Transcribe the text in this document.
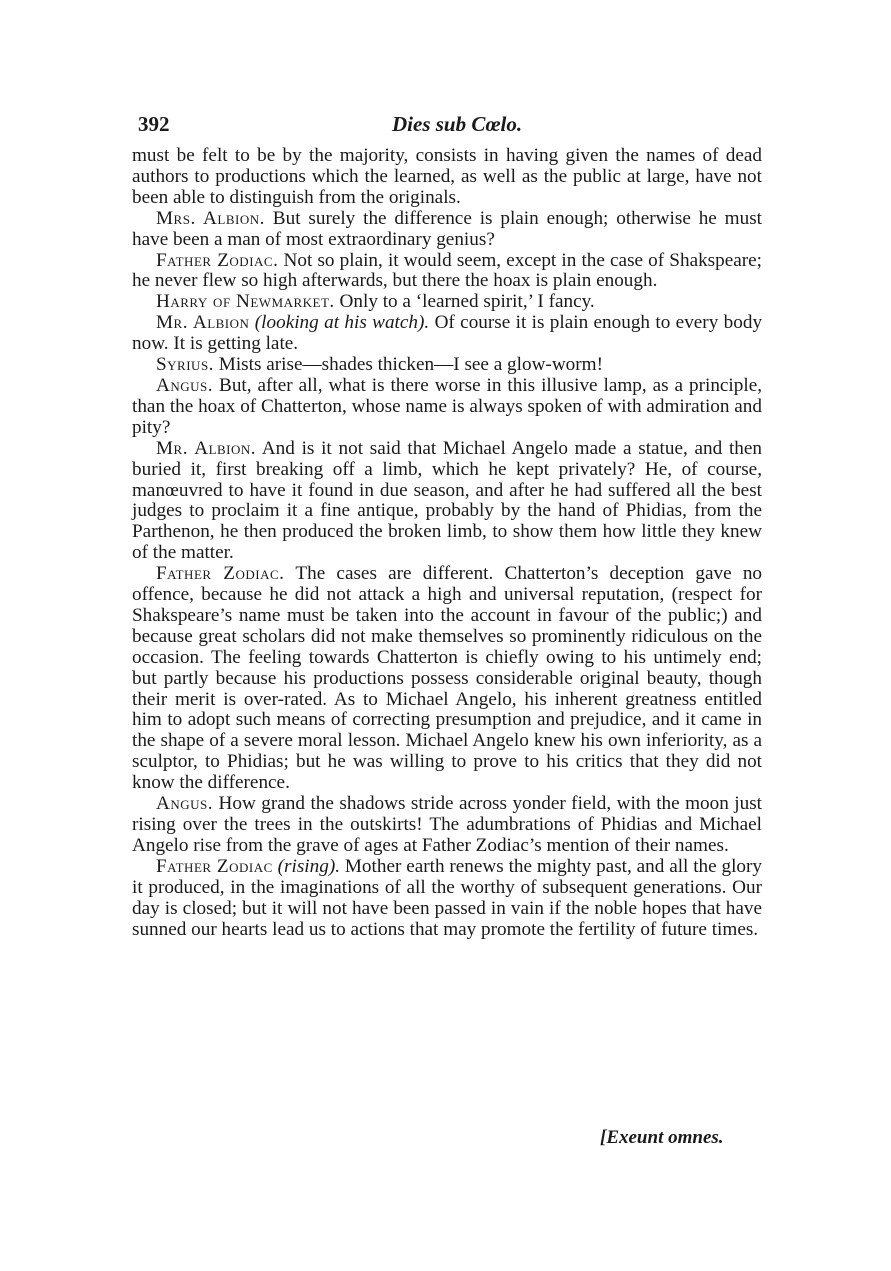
392	Dies sub Cœlo.

must be felt to be by the majority, consists in having given the names of dead authors to productions which the learned, as well as the public at large, have not been able to distinguish from the originals.

Mrs. Albion. But surely the difference is plain enough; otherwise he must have been a man of most extraordinary genius?

Father Zodiac. Not so plain, it would seem, except in the case of Shakspeare; he never flew so high afterwards, but there the hoax is plain enough.

Harry of Newmarket. Only to a ‘learned spirit,’ I fancy.

Mr. Albion (looking at his watch). Of course it is plain enough to every body now. It is getting late.

Syrius. Mists arise—shades thicken—I see a glow-worm!

Angus. But, after all, what is there worse in this illusive lamp, as a principle, than the hoax of Chatterton, whose name is always spoken of with admiration and pity?

Mr. Albion. And is it not said that Michael Angelo made a statue, and then buried it, first breaking off a limb, which he kept privately? He, of course, manœuvred to have it found in due season, and after he had suffered all the best judges to proclaim it a fine antique, probably by the hand of Phidias, from the Parthenon, he then produced the broken limb, to show them how little they knew of the matter.

Father Zodiac. The cases are different. Chatterton’s deception gave no offence, because he did not attack a high and universal reputation, (respect for Shakspeare’s name must be taken into the account in favour of the public;) and because great scholars did not make themselves so prominently ridiculous on the occasion. The feeling towards Chatterton is chiefly owing to his untimely end; but partly because his productions possess considerable original beauty, though their merit is over-rated. As to Michael Angelo, his inherent greatness entitled him to adopt such means of correcting presumption and prejudice, and it came in the shape of a severe moral lesson. Michael Angelo knew his own inferiority, as a sculptor, to Phidias; but he was willing to prove to his critics that they did not know the difference.

Angus. How grand the shadows stride across yonder field, with the moon just rising over the trees in the outskirts! The adumbrations of Phidias and Michael Angelo rise from the grave of ages at Father Zodiac’s mention of their names.

Father Zodiac (rising). Mother earth renews the mighty past, and all the glory it produced, in the imaginations of all the worthy of subsequent generations. Our day is closed; but it will not have been passed in vain if the noble hopes that have sunned our hearts lead us to actions that may promote the fertility of future times.

[Exeunt omnes.
